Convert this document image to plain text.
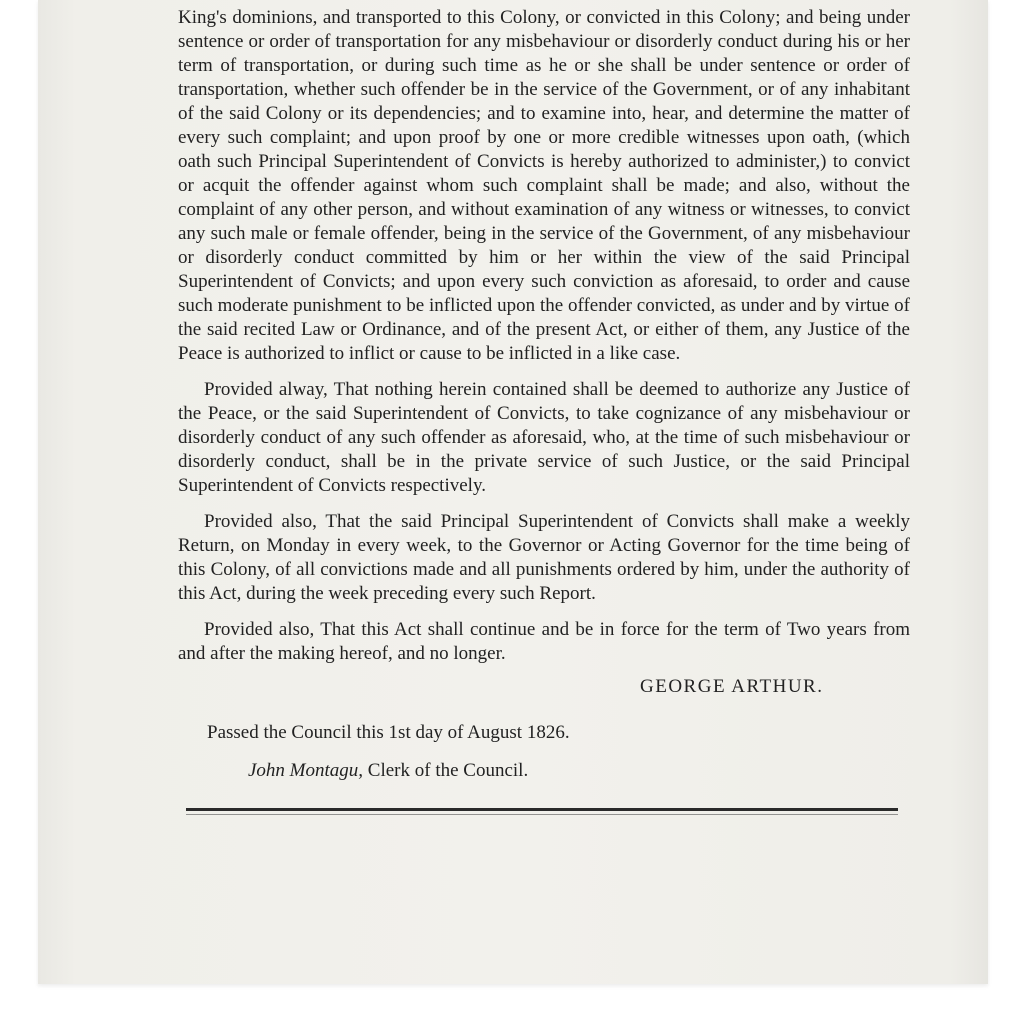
King's dominions, and transported to this Colony, or convicted in this Colony; and being under sentence or order of transportation for any misbehaviour or disorderly conduct during his or her term of transportation, or during such time as he or she shall be under sentence or order of transportation, whether such offender be in the service of the Government, or of any inhabitant of the said Colony or its dependencies; and to examine into, hear, and determine the matter of every such complaint; and upon proof by one or more credible witnesses upon oath, (which oath such Principal Superintendent of Convicts is hereby authorized to administer,) to convict or acquit the offender against whom such complaint shall be made; and also, without the complaint of any other person, and without examination of any witness or witnesses, to convict any such male or female offender, being in the service of the Government, of any misbehaviour or disorderly conduct committed by him or her within the view of the said Principal Superintendent of Convicts; and upon every such conviction as aforesaid, to order and cause such moderate punishment to be inflicted upon the offender convicted, as under and by virtue of the said recited Law or Ordinance, and of the present Act, or either of them, any Justice of the Peace is authorized to inflict or cause to be inflicted in a like case.

Provided alway, That nothing herein contained shall be deemed to authorize any Justice of the Peace, or the said Superintendent of Convicts, to take cognizance of any misbehaviour or disorderly conduct of any such offender as aforesaid, who, at the time of such misbehaviour or disorderly conduct, shall be in the private service of such Justice, or the said Principal Superintendent of Convicts respectively.

Provided also, That the said Principal Superintendent of Convicts shall make a weekly Return, on Monday in every week, to the Governor or Acting Governor for the time being of this Colony, of all convictions made and all punishments ordered by him, under the authority of this Act, during the week preceding every such Report.

Provided also, That this Act shall continue and be in force for the term of Two years from and after the making hereof, and no longer.

GEORGE ARTHUR.
Passed the Council this 1st day of August 1826.
John Montagu, Clerk of the Council.
